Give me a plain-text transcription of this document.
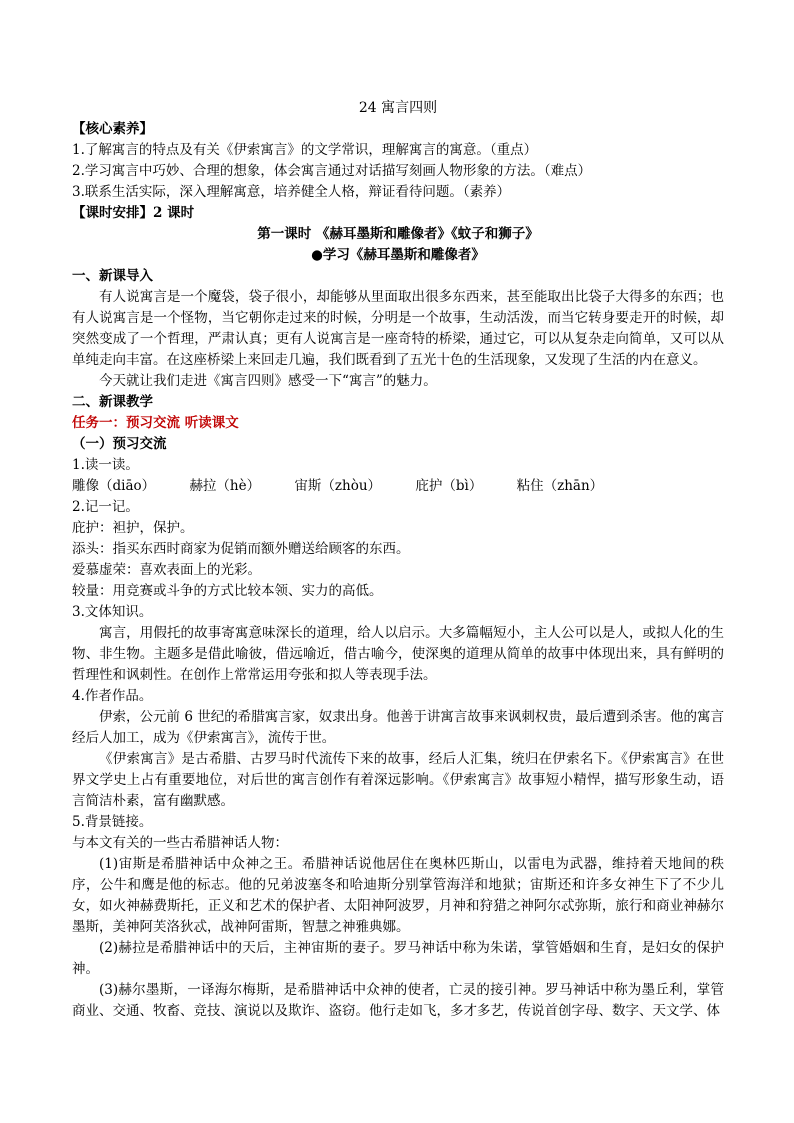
24 寓言四则
【核心素养】
1.了解寓言的特点及有关《伊索寓言》的文学常识，理解寓言的寓意。（重点）
2.学习寓言中巧妙、合理的想象，体会寓言通过对话描写刻画人物形象的方法。（难点）
3.联系生活实际，深入理解寓意，培养健全人格，辩证看待问题。（素养）
【课时安排】2 课时
第一课时 《赫耳墨斯和雕像者》《蚊子和狮子》
●学习《赫耳墨斯和雕像者》
一、新课导入
有人说寓言是一个魔袋，袋子很小，却能够从里面取出很多东西来，甚至能取出比袋子大得多的东西；也有人说寓言是一个怪物，当它朝你走过来的时候，分明是一个故事，生动活泼，而当它转身要走开的时候，却突然变成了一个哲理，严肃认真；更有人说寓言是一座奇特的桥梁，通过它，可以从复杂走向简单，又可以从单纯走向丰富。在这座桥梁上来回走几遍，我们既看到了五光十色的生活现象，又发现了生活的内在意义。
今天就让我们走进《寓言四则》感受一下“寓言”的魅力。
二、新课教学
任务一：预习交流 听读课文
（一）预习交流
1.读一读。
雕像（diāo）	赫拉（hè）	宙斯（zhòu）	庇护（bì）	粘住（zhān）
2.记一记。
庇护：袒护，保护。
添头：指买东西时商家为促销而额外赠送给顾客的东西。
爱慕虚荣：喜欢表面上的光彩。
较量：用竞赛或斗争的方式比较本领、实力的高低。
3.文体知识。
寓言，用假托的故事寄寓意味深长的道理，给人以启示。大多篇幅短小，主人公可以是人，或拟人化的生物、非生物。主题多是借此喻彼，借远喻近，借古喻今，使深奥的道理从简单的故事中体现出来，具有鲜明的哲理性和讽刺性。在创作上常常运用夸张和拟人等表现手法。
4.作者作品。
伊索，公元前 6 世纪的希腊寓言家，奴隶出身。他善于讲寓言故事来讽刺权贵，最后遭到杀害。他的寓言经后人加工，成为《伊索寓言》，流传于世。
《伊索寓言》是古希腊、古罗马时代流传下来的故事，经后人汇集，统归在伊索名下。《伊索寓言》在世界文学史上占有重要地位，对后世的寓言创作有着深远影响。《伊索寓言》故事短小精悍，描写形象生动，语言简洁朴素，富有幽默感。
5.背景链接。
与本文有关的一些古希腊神话人物：
(1)宙斯是希腊神话中众神之王。希腊神话说他居住在奥林匹斯山，以雷电为武器，维持着天地间的秩序，公牛和鹰是他的标志。他的兄弟波塞冬和哈迪斯分别掌管海洋和地狱；宙斯还和许多女神生下了不少儿女，如火神赫费斯托，正义和艺术的保护者、太阳神阿波罗，月神和狩猎之神阿尔忒弥斯，旅行和商业神赫尔墨斯，美神阿芙洛狄忒，战神阿雷斯，智慧之神雅典娜。
(2)赫拉是希腊神话中的天后，主神宙斯的妻子。罗马神话中称为朱诺，掌管婚姻和生育，是妇女的保护神。
(3)赫尔墨斯，一译海尔梅斯，是希腊神话中众神的使者，亡灵的接引神。罗马神话中称为墨丘利，掌管商业、交通、牧畜、竞技、演说以及欺诈、盗窃。他行走如飞，多才多艺，传说首创字母、数字、天文学、体
